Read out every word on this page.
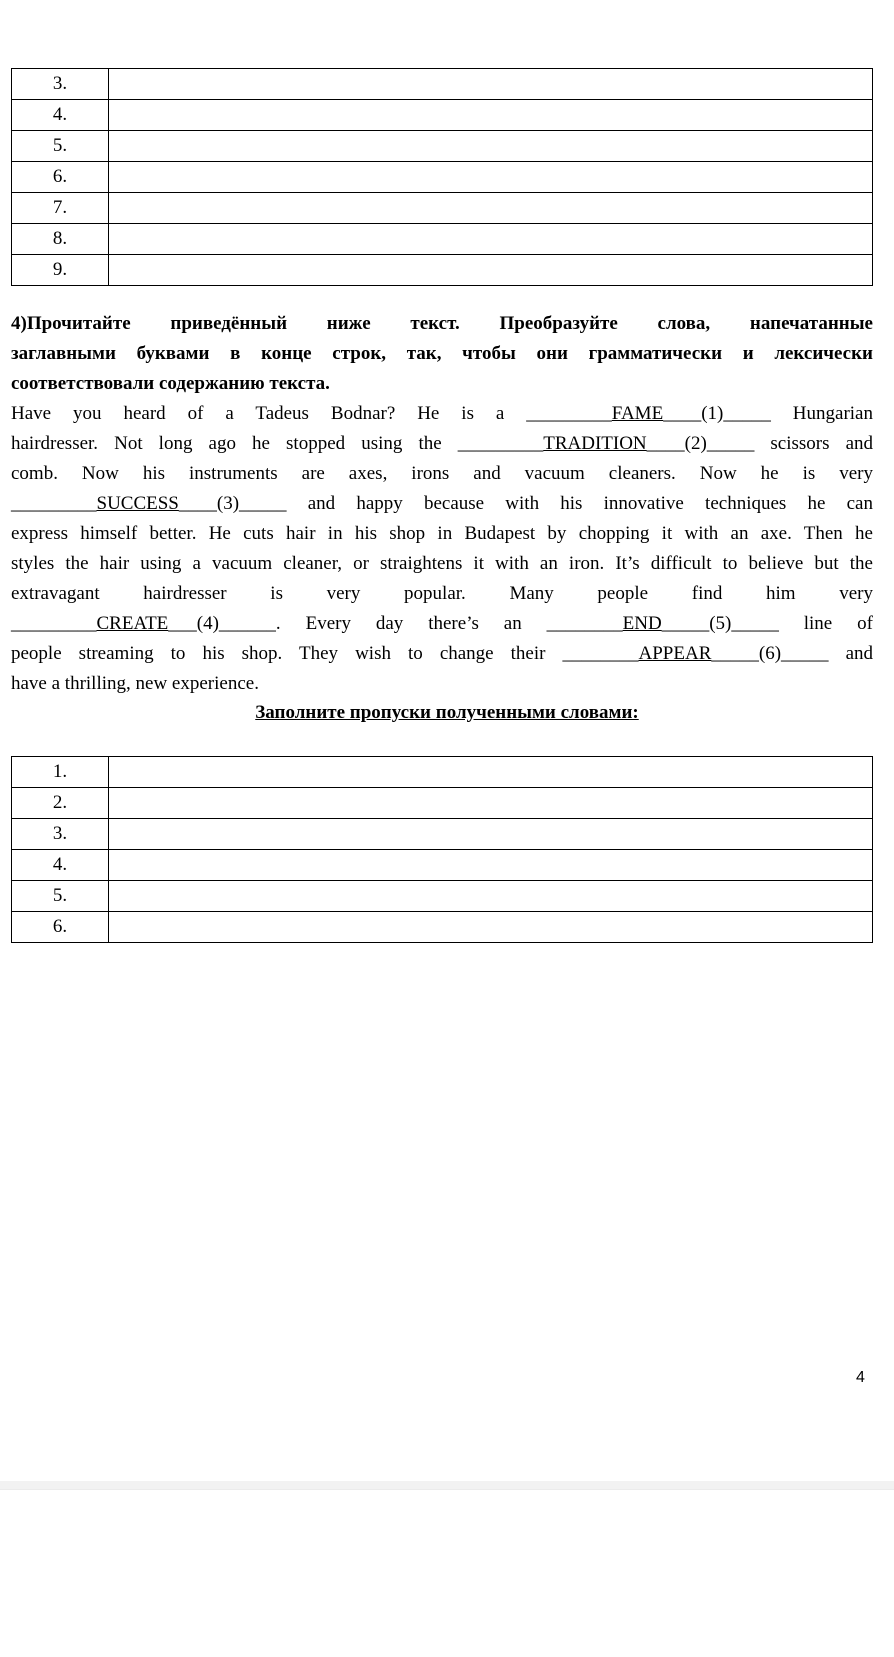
3.	
4.	
5.	
6.	
7.	
8.	
9.	
4)Прочитайте приведённый ниже текст. Преобразуйте слова, напечатанные
заглавными буквами в конце строк, так, чтобы они грамматически и лексически
соответствовали содержанию текста.
Have you heard of a Tadeus Bodnar? He is a _________FAME____(1)_____ Hungarian
hairdresser. Not long ago he stopped using the _________TRADITION____(2)_____ scissors and
comb. Now his instruments are axes, irons and vacuum cleaners. Now he is very
_________SUCCESS____(3)_____ and happy because with his innovative techniques he can
express himself better. He cuts hair in his shop in Budapest by chopping it with an axe. Then he
styles the hair using a vacuum cleaner, or straightens it with an iron. It’s difficult to believe but the
extravagant hairdresser is very popular. Many people find him very
_________CREATE___(4)______. Every day there’s an ________END_____(5)_____ line of
people streaming to his shop. They wish to change their ________APPEAR_____(6)_____ and
have a thrilling, new experience.
Заполните пропуски полученными словами:
1.	
2.	
3.	
4.	
5.	
6.	
4
